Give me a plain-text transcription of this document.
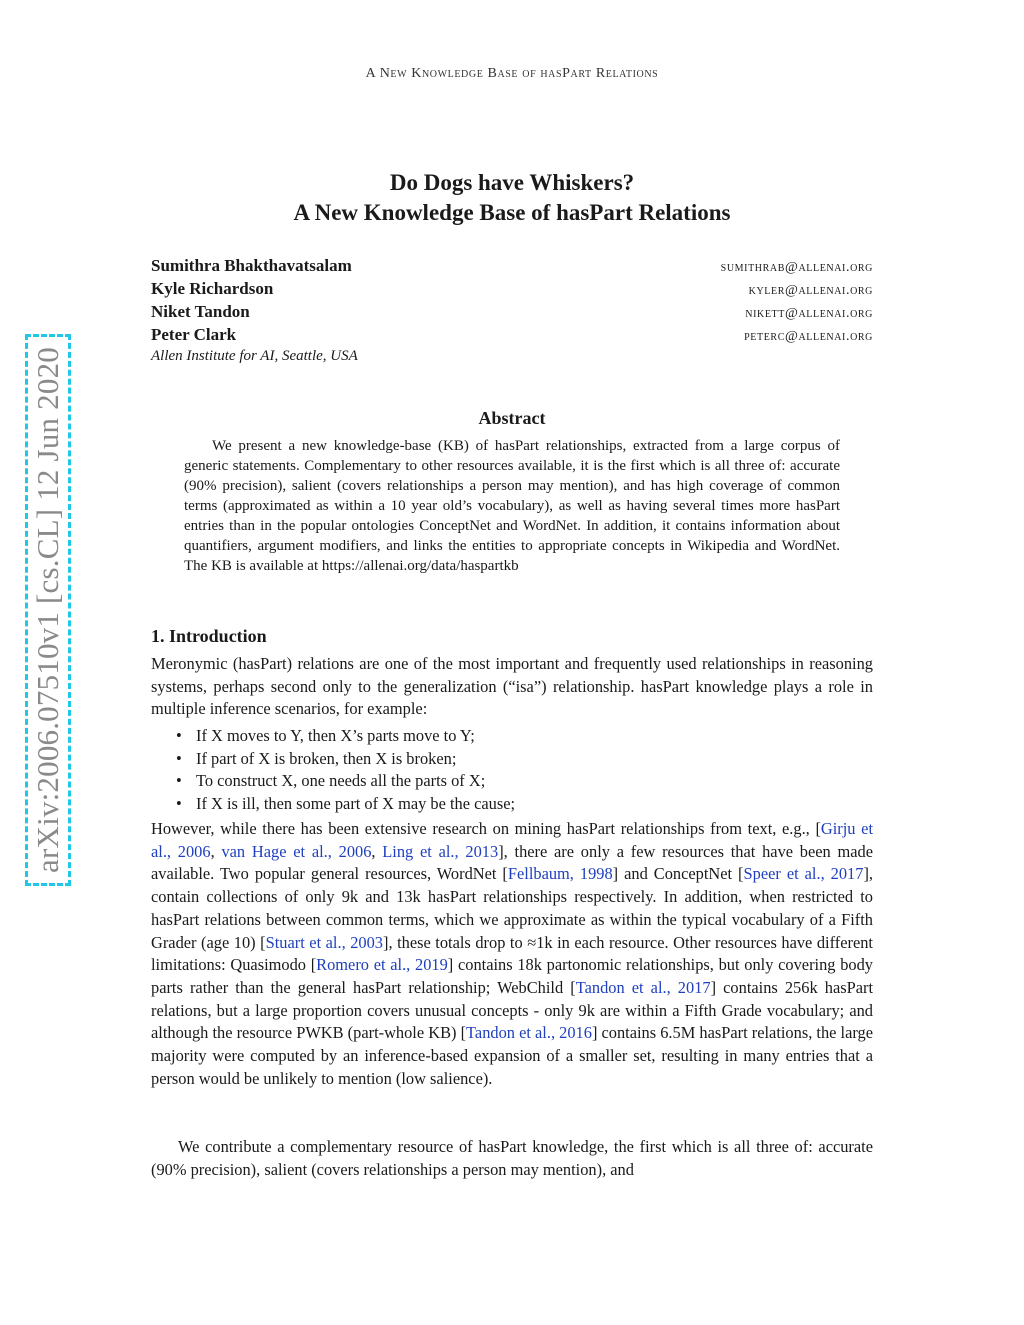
A New Knowledge Base of hasPart Relations
arXiv:2006.07510v1 [cs.CL] 12 Jun 2020
Do Dogs have Whiskers?
A New Knowledge Base of hasPart Relations
Sumithra Bhakthavatsalam	sumithrab@allenai.org
Kyle Richardson	kyler@allenai.org
Niket Tandon	nikett@allenai.org
Peter Clark	peterc@allenai.org
Allen Institute for AI, Seattle, USA
Abstract

We present a new knowledge-base (KB) of hasPart relationships, extracted from a large corpus of generic statements. Complementary to other resources available, it is the first which is all three of: accurate (90% precision), salient (covers relationships a person may mention), and has high coverage of common terms (approximated as within a 10 year old’s vocabulary), as well as having several times more hasPart entries than in the popular ontologies ConceptNet and WordNet. In addition, it contains information about quantifiers, argument modifiers, and links the entities to appropriate concepts in Wikipedia and WordNet. The KB is available at https://allenai.org/data/haspartkb

1. Introduction

Meronymic (hasPart) relations are one of the most important and frequently used relationships in reasoning systems, perhaps second only to the generalization (“isa”) relationship. hasPart knowledge plays a role in multiple inference scenarios, for example:

• If X moves to Y, then X’s parts move to Y;
• If part of X is broken, then X is broken;
• To construct X, one needs all the parts of X;
• If X is ill, then some part of X may be the cause;

However, while there has been extensive research on mining hasPart relationships from text, e.g., [Girju et al., 2006, van Hage et al., 2006, Ling et al., 2013], there are only a few resources that have been made available. Two popular general resources, WordNet [Fellbaum, 1998] and ConceptNet [Speer et al., 2017], contain collections of only 9k and 13k hasPart relationships respectively. In addition, when restricted to hasPart relations between common terms, which we approximate as within the typical vocabulary of a Fifth Grader (age 10) [Stuart et al., 2003], these totals drop to ≈1k in each resource. Other resources have different limitations: Quasimodo [Romero et al., 2019] contains 18k partonomic relationships, but only covering body parts rather than the general hasPart relationship; WebChild [Tandon et al., 2017] contains 256k hasPart relations, but a large proportion covers unusual concepts - only 9k are within a Fifth Grade vocabulary; and although the resource PWKB (part-whole KB) [Tandon et al., 2016] contains 6.5M hasPart relations, the large majority were computed by an inference-based expansion of a smaller set, resulting in many entries that a person would be unlikely to mention (low salience).

We contribute a complementary resource of hasPart knowledge, the first which is all three of: accurate (90% precision), salient (covers relationships a person may mention), and
